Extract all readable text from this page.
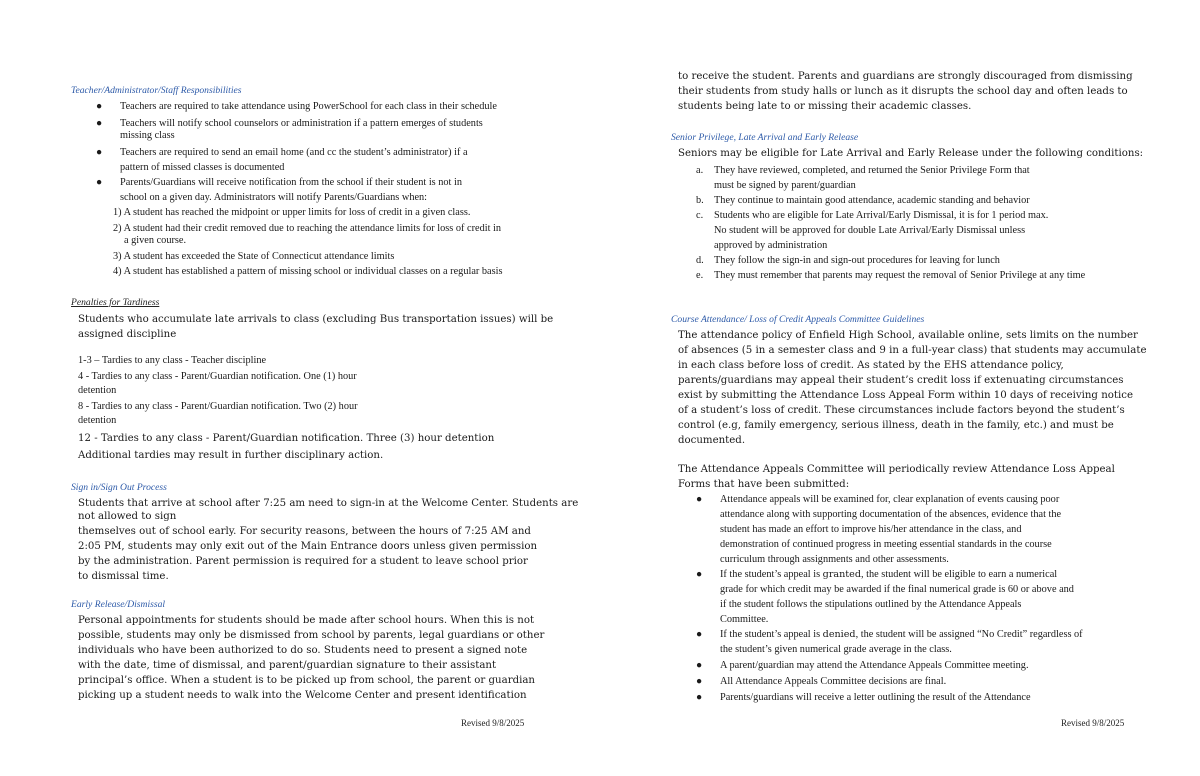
Teacher/Administrator/Staff Responsibilities
● Teachers are required to take attendance using PowerSchool for each class in their schedule
● Teachers will notify school counselors or administration if a pattern emerges of students
missing class
● Teachers are required to send an email home (and cc the student’s administrator) if a
pattern of missed classes is documented
● Parents/Guardians will receive notification from the school if their student is not in
school on a given day. Administrators will notify Parents/Guardians when:
1) A student has reached the midpoint or upper limits for loss of credit in a given class.
2) A student had their credit removed due to reaching the attendance limits for loss of credit in
a given course.
3) A student has exceeded the State of Connecticut attendance limits
4) A student has established a pattern of missing school or individual classes on a regular basis
Penalties for Tardiness
Students who accumulate late arrivals to class (excluding Bus transportation issues) will be
assigned discipline
1-3 – Tardies to any class - Teacher discipline
4 - Tardies to any class - Parent/Guardian notification. One (1) hour
detention
8 - Tardies to any class - Parent/Guardian notification. Two (2) hour
detention
12 - Tardies to any class - Parent/Guardian notification. Three (3) hour detention
Additional tardies may result in further disciplinary action.
Sign in/Sign Out Process
Students that arrive at school after 7:25 am need to sign-in at the Welcome Center. Students are
not allowed to sign
themselves out of school early. For security reasons, between the hours of 7:25 AM and
2:05 PM, students may only exit out of the Main Entrance doors unless given permission
by the administration. Parent permission is required for a student to leave school prior
to dismissal time.
Early Release/Dismissal
Personal appointments for students should be made after school hours. When this is not
possible, students may only be dismissed from school by parents, legal guardians or other
individuals who have been authorized to do so. Students need to present a signed note
with the date, time of dismissal, and parent/guardian signature to their assistant
principal’s office. When a student is to be picked up from school, the parent or guardian
picking up a student needs to walk into the Welcome Center and present identification
Revised 9/8/2025
to receive the student. Parents and guardians are strongly discouraged from dismissing
their students from study halls or lunch as it disrupts the school day and often leads to
students being late to or missing their academic classes.
Senior Privilege, Late Arrival and Early Release
Seniors may be eligible for Late Arrival and Early Release under the following conditions:
a. They have reviewed, completed, and returned the Senior Privilege Form that
must be signed by parent/guardian
b. They continue to maintain good attendance, academic standing and behavior
c. Students who are eligible for Late Arrival/Early Dismissal, it is for 1 period max.
No student will be approved for double Late Arrival/Early Dismissal unless
approved by administration
d. They follow the sign-in and sign-out procedures for leaving for lunch
e. They must remember that parents may request the removal of Senior Privilege at any time
Course Attendance/ Loss of Credit Appeals Committee Guidelines
The attendance policy of Enfield High School, available online, sets limits on the number
of absences (5 in a semester class and 9 in a full-year class) that students may accumulate
in each class before loss of credit. As stated by the EHS attendance policy,
parents/guardians may appeal their student’s credit loss if extenuating circumstances
exist by submitting the Attendance Loss Appeal Form within 10 days of receiving notice
of a student’s loss of credit. These circumstances include factors beyond the student’s
control (e.g, family emergency, serious illness, death in the family, etc.) and must be
documented.
The Attendance Appeals Committee will periodically review Attendance Loss Appeal
Forms that have been submitted:
● Attendance appeals will be examined for, clear explanation of events causing poor
attendance along with supporting documentation of the absences, evidence that the
student has made an effort to improve his/her attendance in the class, and
demonstration of continued progress in meeting essential standards in the course
curriculum through assignments and other assessments.
● If the student’s appeal is granted, the student will be eligible to earn a numerical
grade for which credit may be awarded if the final numerical grade is 60 or above and
if the student follows the stipulations outlined by the Attendance Appeals
Committee.
● If the student’s appeal is denied, the student will be assigned “No Credit” regardless of
the student’s given numerical grade average in the class.
● A parent/guardian may attend the Attendance Appeals Committee meeting.
● All Attendance Appeals Committee decisions are final.
● Parents/guardians will receive a letter outlining the result of the Attendance
Revised 9/8/2025
